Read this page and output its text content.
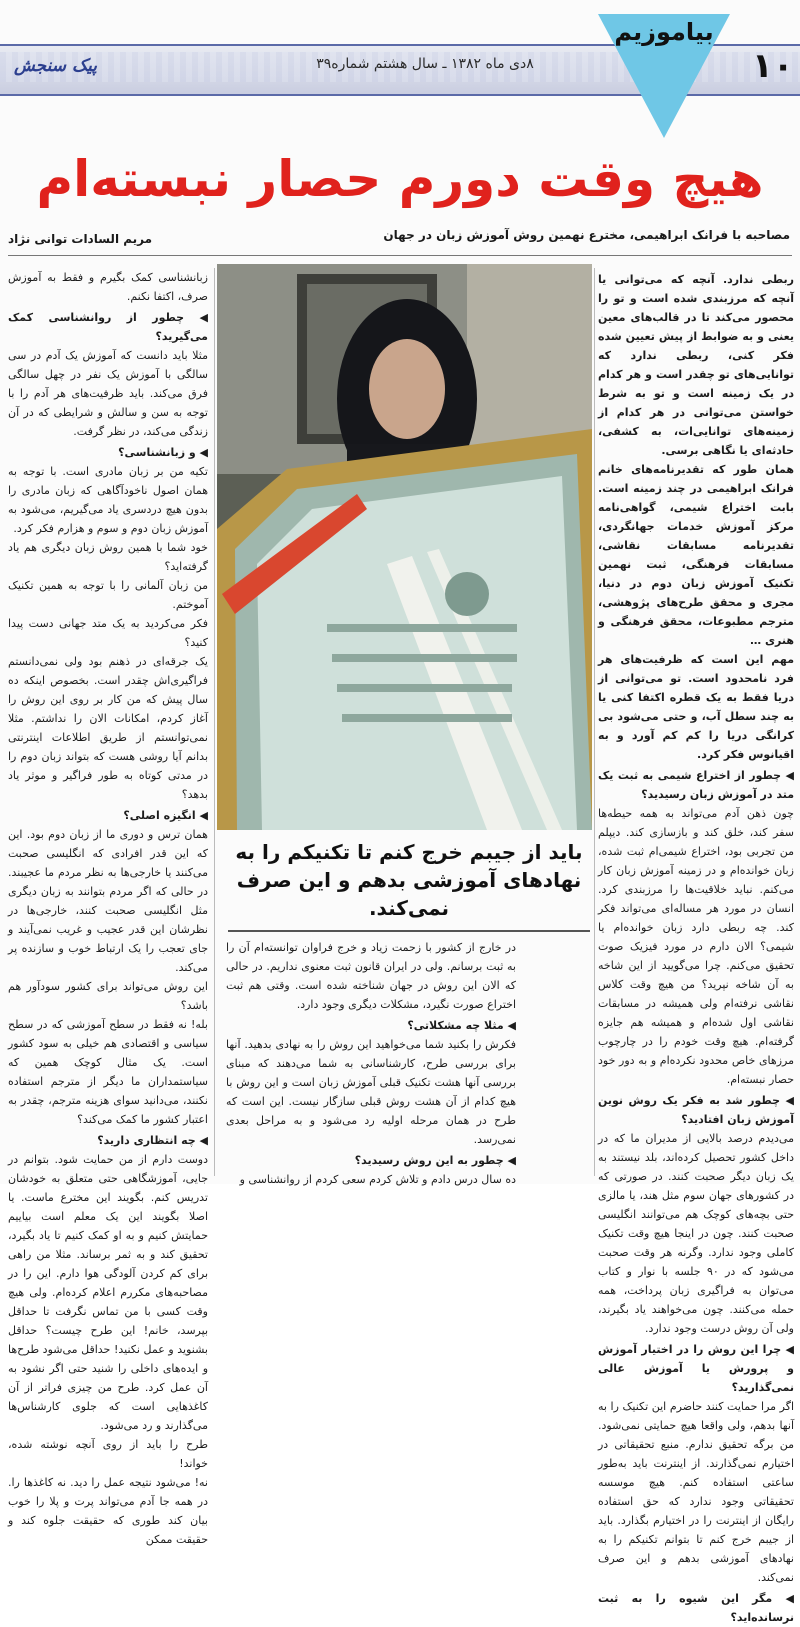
پیک سنجش	۸دی ماه ۱۳۸۲ ـ سال هشتم شماره۳۹	۱۰
بیاموزیم
هیچ وقت دورم حصار نبسته‌ام
مصاحبه با فرانک ابراهیمی، مخترع نهمین روش آموزش زبان در جهان
مریم السادات توانی نژاد
باید از جیبم خرج کنم تا تکنیکم را به نهادهای آموزشی بدهم و این صرف نمی‌کند.

ربطی ندارد. آنچه که می‌توانی یا آنچه که مرزبندی شده است و تو را محصور می‌کند تا در قالب‌های معین یعنی و به ضوابط از پیش تعیین شده فکر کنی، ربطی ندارد که توانایی‌های تو چقدر است و هر کدام در یک زمینه است و تو به شرط خواستن می‌توانی در هر کدام از زمینه‌های توانایی‌ات، به کشفی، حادثه‌ای یا نگاهی برسی.

همان طور که تقدیرنامه‌های خانم فرانک ابراهیمی در چند زمینه است. بابت اختراع شیمی، گواهی‌نامه مرکز آموزش خدمات جهانگردی، تقدیرنامه مسابقات نقاشی، مسابقات فرهنگی، ثبت نهمین تکنیک آموزش زبان دوم در دنیا، مجری و محقق طرح‌های پژوهشی، مترجم مطبوعات، محقق فرهنگی و هنری …

مهم این است که ظرفیت‌های هر فرد نامحدود است. تو می‌توانی از دریا فقط به یک قطره اکتفا کنی یا به چند سطل آب، و حتی می‌شود بی کرانگی دریا را کم کم آورد و به اقیانوس فکر کرد.

◀ چطور از اختراع شیمی به ثبت یک متد در آموزش زبان رسیدید؟

چون ذهن آدم می‌تواند به همه حیطه‌ها سفر کند، خلق کند و بازسازی کند. دیپلم من تجربی بود، اختراع شیمی‌ام ثبت شده، زبان خوانده‌ام و در زمینه آموزش زبان کار می‌کنم. نباید خلاقیت‌ها را مرزبندی کرد. انسان در مورد هر مساله‌ای می‌تواند فکر کند. چه ربطی دارد زبان خوانده‌ام یا شیمی؟ الان دارم در مورد فیزیک صوت تحقیق می‌کنم. چرا می‌گویید از این شاخه به آن شاخه نپرید؟ من هیچ وقت کلاس نقاشی نرفته‌ام ولی همیشه در مسابقات نقاشی اول شده‌ام و همیشه هم جایزه گرفته‌ام. هیچ وقت خودم را در چارچوب مرزهای خاص محدود نکرده‌ام و به دور خود حصار نبسته‌ام.

◀ چطور شد به فکر یک روش نوین آموزش زبان افتادید؟

می‌دیدم درصد بالایی از مدیران ما که در داخل کشور تحصیل کرده‌اند، بلد نیستند به یک زبان دیگر صحبت کنند. در صورتی که در کشورهای جهان سوم مثل هند، یا مالزی حتی بچه‌های کوچک هم می‌توانند انگلیسی صحبت کنند. چون در اینجا هیچ وقت تکنیک کاملی وجود ندارد. وگرنه هر وقت صحبت می‌شود که در ۹۰ جلسه با نوار و کتاب می‌توان به فراگیری زبان پرداخت، همه حمله می‌کنند. چون می‌خواهند یاد بگیرند، ولی آن روش درست وجود ندارد.

◀ چرا این روش را در اختیار آموزش و پرورش یا آموزش عالی نمی‌گذارید؟

اگر مرا حمایت کنند حاضرم این تکنیک را به آنها بدهم، ولی واقعا هیچ حمایتی نمی‌شود. من برگه تحقیق ندارم. منبع تحقیقاتی در اختیارم نمی‌گذارند. از اینترنت باید به‌طور ساعتی استفاده کنم. هیچ موسسه تحقیقاتی وجود ندارد که حق استفاده رایگان از اینترنت را در اختیارم بگذارد. باید از جیبم خرج کنم تا بتوانم تکنیکم را به نهادهای آموزشی بدهم و این صرف نمی‌کند.

◀ مگر این شیوه را به ثبت نرسانده‌اید؟

زبانشناسی کمک بگیرم و فقط به آموزش صرف، اکتفا نکنم.

◀ چطور از روانشناسی کمک می‌گیرید؟

مثلا باید دانست که آموزش یک آدم در سی سالگی با آموزش یک نفر در چهل سالگی فرق می‌کند. باید ظرفیت‌های هر آدم را با توجه به سن و سالش و شرایطی که در آن زندگی می‌کند، در نظر گرفت.

◀ و زبانشناسی؟

تکیه من بر زبان مادری است. با توجه به همان اصول ناخودآگاهی که زبان مادری را بدون هیچ دردسری یاد می‌گیریم، می‌شود به آموزش زبان دوم و سوم و هزارم فکر کرد.

خود شما با همین روش زبان دیگری هم یاد گرفته‌اید؟

من زبان آلمانی را با توجه به همین تکنیک آموختم.

فکر می‌کردید به یک متد جهانی دست پیدا کنید؟

یک جرقه‌ای در ذهنم بود ولی نمی‌دانستم فراگیری‌اش چقدر است. بخصوص اینکه ده سال پیش که من کار بر روی این روش را آغاز کردم، امکانات الان را نداشتم. مثلا نمی‌توانستم از طریق اطلاعات اینترنتی بدانم آیا روشی هست که بتواند زبان دوم را در مدتی کوتاه به طور فراگیر و موثر یاد بدهد؟

◀ انگیزه اصلی؟

همان ترس و دوری ما از زبان دوم بود. این که این قدر افرادی که انگلیسی صحبت می‌کنند یا خارجی‌ها به نظر مردم ما عجیبند. در حالی که اگر مردم بتوانند به زبان دیگری مثل انگلیسی صحبت کنند، خارجی‌ها در نظرشان این قدر عجیب و غریب نمی‌آیند و جای تعجب را یک ارتباط خوب و سازنده پر می‌کند.

این روش می‌تواند برای کشور سودآور هم باشد؟

بله! نه فقط در سطح آموزشی که در سطح سیاسی و اقتصادی هم خیلی به سود کشور است. یک مثال کوچک همین که سیاستمداران ما دیگر از مترجم استفاده نکنند، می‌دانید سوای هزینه مترجم، چقدر به اعتبار کشور ما کمک می‌کند؟

◀ چه انتظاری دارید؟

دوست دارم از من حمایت شود. بتوانم در جایی، آموزشگاهی حتی متعلق به خودشان تدریس کنم. بگویند این مخترع ماست. یا اصلا بگویند این یک معلم است بیاییم حمایتش کنیم و به او کمک کنیم تا یاد بگیرد، تحقیق کند و به ثمر برساند. مثلا من راهی برای کم کردن آلودگی هوا دارم. این را در مصاحبه‌های مکررم اعلام کرده‌ام. ولی هیچ وقت کسی با من تماس نگرفت تا حداقل بپرسد، خانم! این طرح چیست؟ حداقل بشنوید و عمل نکنید! حداقل می‌شود طرح‌ها و ایده‌های داخلی را شنید حتی اگر نشود به آن عمل کرد. طرح من چیزی فراتر از آن کاغذهایی است که جلوی کارشناس‌ها می‌گذارند و رد می‌شود.

طرح را باید از روی آنچه نوشته شده، خواند!

نه! می‌شود نتیجه عمل را دید. نه کاغذها را. در همه جا آدم می‌تواند پرت و پلا را خوب بیان کند طوری که حقیقت جلوه کند و حقیقت ممکن

در خارج از کشور با زحمت زیاد و خرج فراوان توانسته‌ام آن را به ثبت برسانم. ولی در ایران قانون ثبت معنوی نداریم. در حالی که الان این روش در جهان شناخته شده است. وقتی هم ثبت اختراع صورت نگیرد، مشکلات دیگری وجود دارد.

◀ مثلا چه مشکلاتی؟

فکرش را بکنید شما می‌خواهید این روش را به نهادی بدهید. آنها برای بررسی طرح، کارشناسانی به شما می‌دهند که مبنای بررسی آنها هشت تکنیک قبلی آموزش زبان است و این روش با هیچ کدام از آن هشت روش قبلی سازگار نیست. این است که طرح در همان مرحله اولیه رد می‌شود و به مراحل بعدی نمی‌رسد.

◀ چطور به این روش رسیدید؟

ده سال درس دادم و تلاش کردم سعی کردم از روانشناسی و
